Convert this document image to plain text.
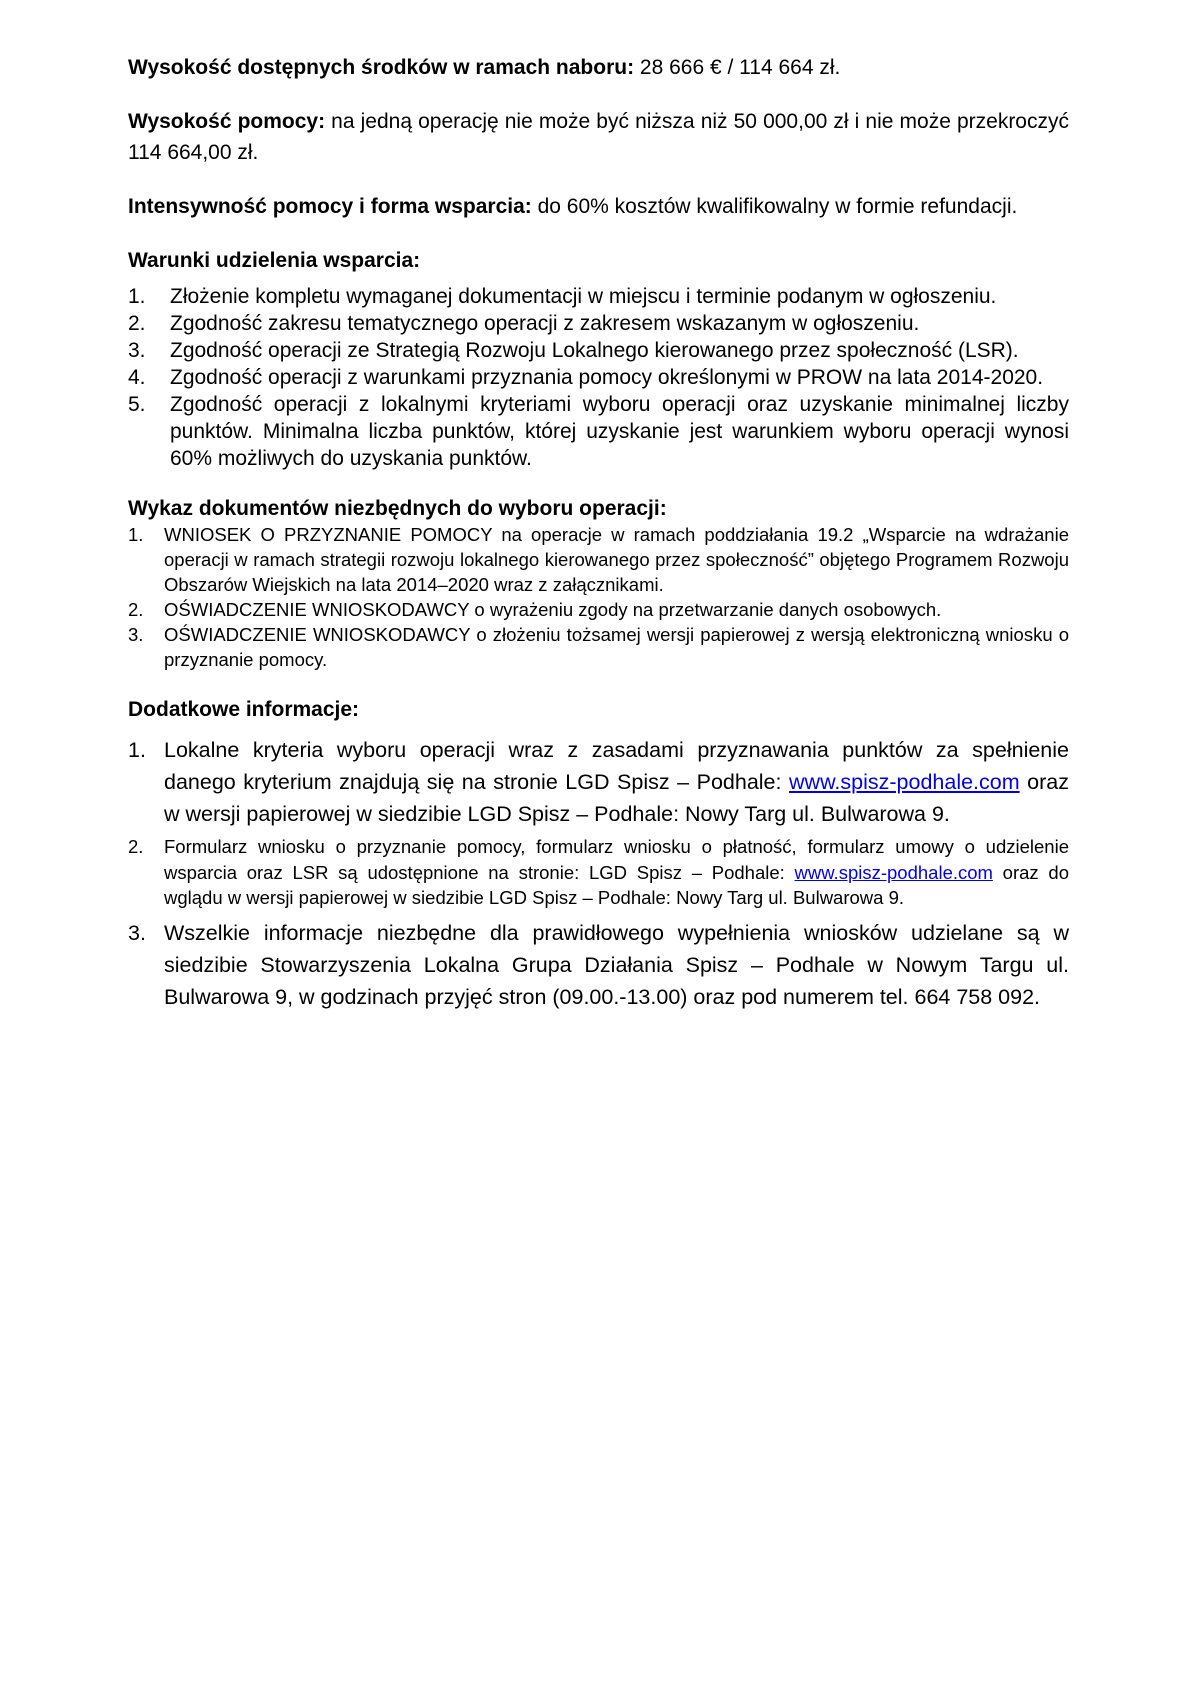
Wysokość dostępnych środków w ramach naboru: 28 666 € / 114 664 zł.

Wysokość pomocy: na jedną operację nie może być niższa niż 50 000,00 zł i nie może przekroczyć 114 664,00 zł.

Intensywność pomocy i forma wsparcia: do 60% kosztów kwalifikowalny w formie refundacji.

Warunki udzielenia wsparcia:

1.	Złożenie kompletu wymaganej dokumentacji w miejscu i terminie podanym w ogłoszeniu.
2.	Zgodność zakresu tematycznego operacji z zakresem wskazanym w ogłoszeniu.
3.	Zgodność operacji ze Strategią Rozwoju Lokalnego kierowanego przez społeczność (LSR).
4.	Zgodność operacji z warunkami przyznania pomocy określonymi w PROW na lata 2014-2020.
5.	Zgodność operacji z lokalnymi kryteriami wyboru operacji oraz uzyskanie minimalnej liczby punktów. Minimalna liczba punktów, której uzyskanie jest warunkiem wyboru operacji wynosi 60% możliwych do uzyskania punktów.

Wykaz dokumentów niezbędnych do wyboru operacji:

1.	WNIOSEK O PRZYZNANIE POMOCY na operacje w ramach poddziałania 19.2 „Wsparcie na wdrażanie operacji w ramach strategii rozwoju lokalnego kierowanego przez społeczność” objętego Programem Rozwoju Obszarów Wiejskich na lata 2014–2020 wraz z załącznikami.
2.	OŚWIADCZENIE WNIOSKODAWCY o wyrażeniu zgody na przetwarzanie danych osobowych.
3.	OŚWIADCZENIE WNIOSKODAWCY o złożeniu tożsamej wersji papierowej z wersją elektroniczną wniosku o przyznanie pomocy.

Dodatkowe informacje:

1. Lokalne kryteria wyboru operacji wraz z zasadami przyznawania punktów za spełnienie danego kryterium znajdują się na stronie LGD Spisz – Podhale: www.spisz-podhale.com oraz w wersji papierowej w siedzibie LGD Spisz – Podhale: Nowy Targ ul. Bulwarowa 9.
2.	Formularz wniosku o przyznanie pomocy, formularz wniosku o płatność, formularz umowy o udzielenie wsparcia oraz LSR są udostępnione na stronie: LGD Spisz – Podhale: www.spisz-podhale.com oraz do wglądu w wersji papierowej w siedzibie LGD Spisz – Podhale: Nowy Targ ul. Bulwarowa 9.
3. Wszelkie informacje niezbędne dla prawidłowego wypełnienia wniosków udzielane są w siedzibie Stowarzyszenia Lokalna Grupa Działania Spisz – Podhale w Nowym Targu ul. Bulwarowa 9, w godzinach przyjęć stron (09.00.-13.00) oraz pod numerem tel. 664 758 092.
